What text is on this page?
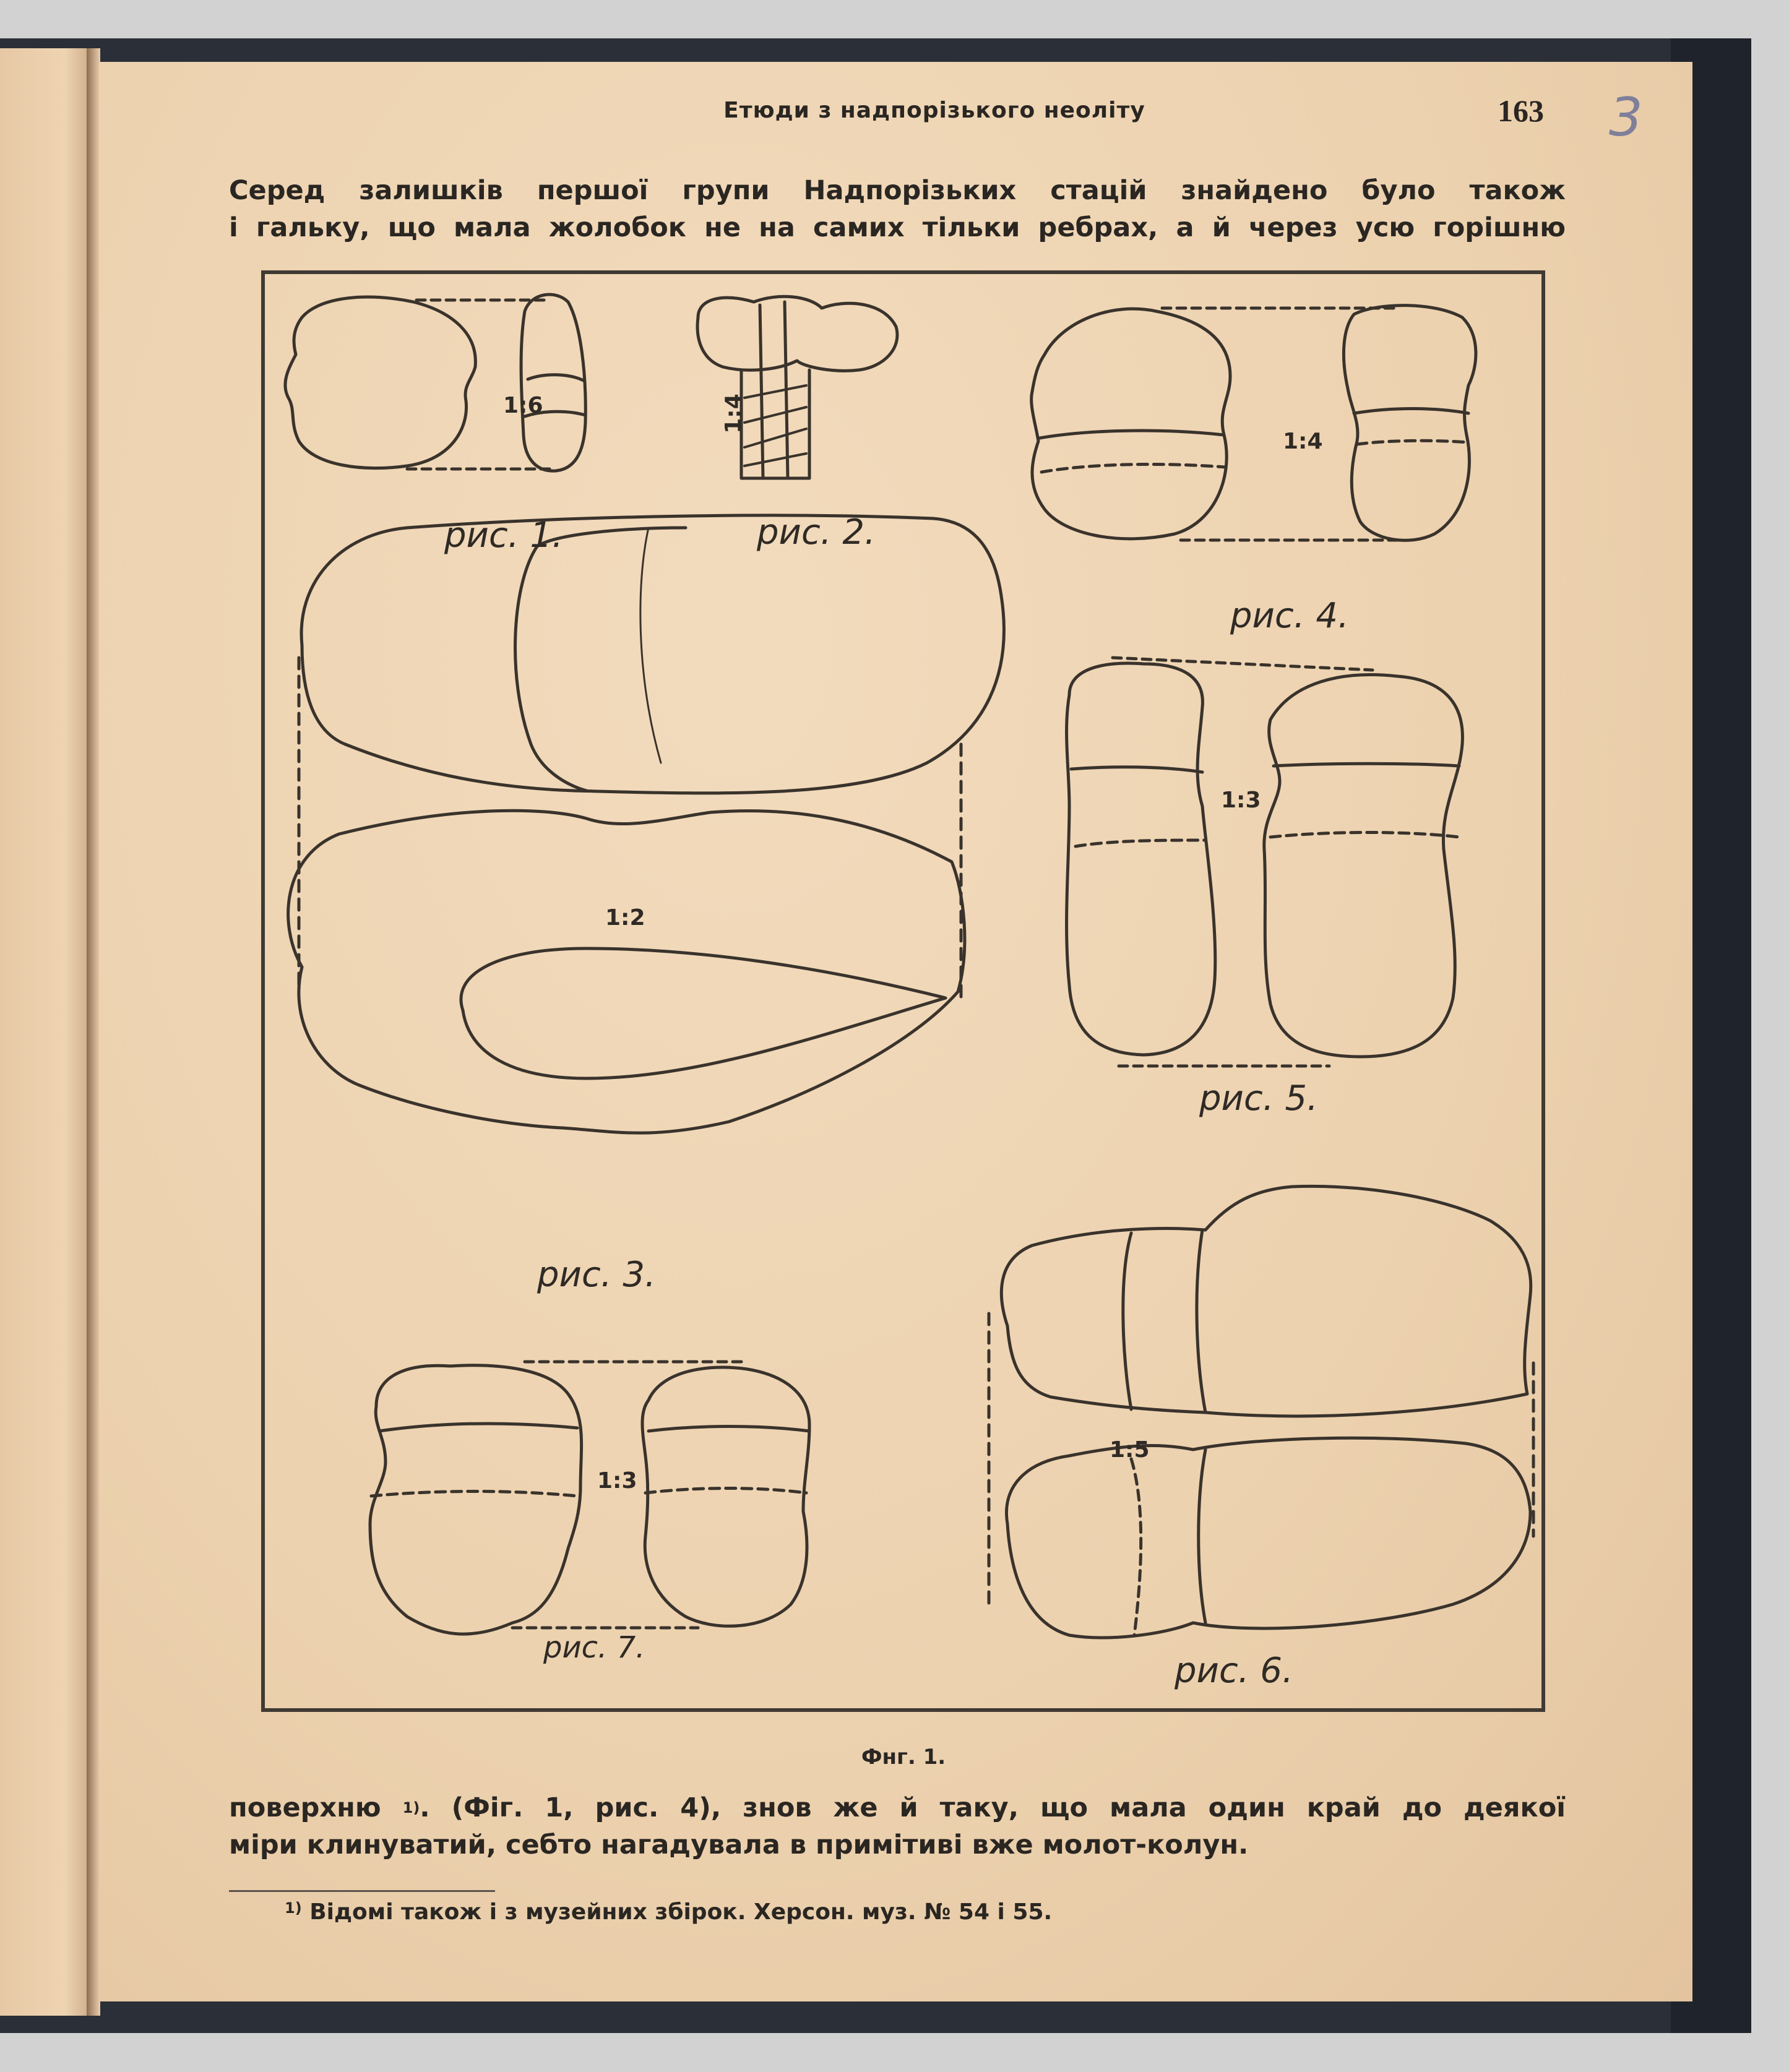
Етюди з надпорізького неоліту	163 3
Серед залишків першої групи Надпорізьких стацій знайдено було також
і гальку, що мала жолобок не на самих тільки ребрах, а й через усю горішню
1:6	1:4
1:4
1:2
1:3
1:5
1:3
рис. 1.	рис. 2.
рис. 4.
рис. 5.
рис. 3.
рис. 7.
рис. 6.
Фнг. 1.
поверхню $^{1)}$. (Фіг. 1, рис. 4), знов же й таку, що мала один край до деякої
міри клинуватий, себто нагадувала в примітиві вже молот-колун.
$^{1)}$ Відомі також і з музейних збірок. Херсон. муз. № 54 і 55.
